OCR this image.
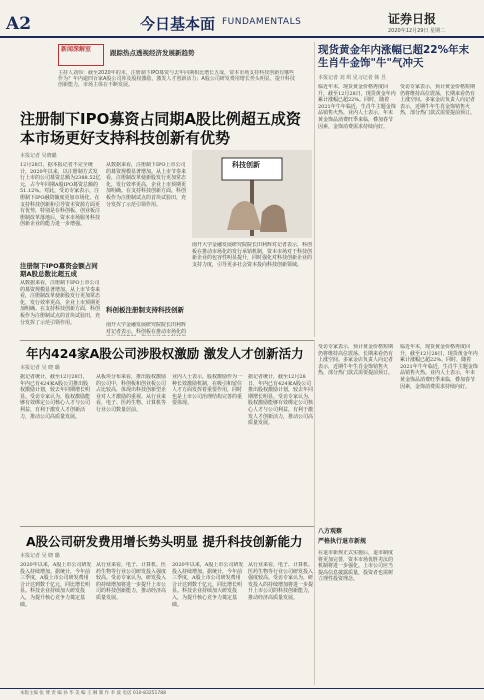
A2	今日基本面 FUNDAMENTALS	证券日报
2020年12月29日 星期二
新闻深解室	跟踪热点透视经济发展新趋势
主持人刘伟：截至2020年的末，注册制下IPO募资与去年同期相比增长五成，资本市场支持科技创新有哪些作为？年内逾四百家A股公司涉及股权激励，激发人才创新活力；A股公司研发费用增长势头明显，提升科技创新能力，市场主体在不断发展。
注册制下IPO募资占同期A股比例超五成资本市场更好支持科技创新有优势
本报记者 吴晓璐
12月28日，据本报记者不完全统计，2020年以来，以注册制方式发行上市的公司募资总额为2388.52亿元，占今年同期A股IPO募资总额的51.12%。对此，受访专家表示，注册制下IPO融资额度更加市场化，在支持科技创新和引导资本资源方面更有优势，特别是在科创板、创业板注册制改革落地后，资本市场服务科技创新企业的能力进一步增强。
注册制下IPO募资金额占同期A股总数比超五成
从数据来看，注册制下IPO上市公司的募资规模显著增加。从上市节奏来看，注册制改革使新股发行更加常态化，发行效率更高，企业上市预期更加明确。在支持科技创新方面，科创板作为注册制试点的首块试验田，充分发挥了示范引领作用。
从数据来看，注册制下IPO上市公司的募资规模显著增加。从上市节奏来看，注册制改革使新股发行更加常态化，发行效率更高，企业上市预期更加明确。在支持科技创新方面，科创板作为注册制试点的首块试验田，充分发挥了示范引领作用。
科创板注册制支持科技创新
南开大学金融发展研究院院长田利辉对记者表示，科创板在推动市场化的
科技创新
南开大学金融发展研究院院长田利辉对记者表示，科创板在推动市场化的发行承销机制，资本市场对于科技创新企业的包容性明显提升，同时强化对科技创新企业的支持力度，引导更多社会资本投向科技创新领域。
现货黄金年内涨幅已超22%年末生肖牛金饰"牛"气冲天
本报记者 刘 琪 见习记者 韩 昱
临近年末，现货黄金价格再度回升，截至12月28日，现货黄金年内累计涨幅已超22%。同时，随着2021年牛年临近，生肖牛主题金饰品销售火热。业内人士表示，年末黄金饰品消费旺季来临，叠加春节因素，金饰消费需求持续向好。
受访专家表示，预计黄金价格短期仍将维持高位震荡，长期来看仍有上涨空间。多家金店负责人向记者表示，近期牛年生肖金饰销售火热，部分热门款式需要提前预订。
年内424家A股公司涉股权激励 激发人才创新活力
本报记者 吴 晓 璐
据记者统计，截至12月28日，年内已有424家A股公司推出股权激励计划，较去年同期增长明显。受访专家认为，股权激励能够有效绑定公司核心人才与公司利益，有利于激发人才创新活力，推动公司高质量发展。
从板块分布来看，推出股权激励的公司中，科创板和创业板公司占比较高，体现出科技创新型企业对人才激励的重视。从行业来看，电子、医药生物、计算机等行业公司数量居前。
业内人士表示，股权激励作为一种长效激励机制，在吸引和留住人才方面发挥着重要作用，同时也是上市公司治理结构完善的重要体现。
据记者统计，截至12月28日，年内已有424家A股公司推出股权激励计划，较去年同期增长明显。受访专家认为，股权激励能够有效绑定公司核心人才与公司利益，有利于激发人才创新活力，推动公司高质量发展。
受访专家表示，预计黄金价格短期仍将维持高位震荡，长期来看仍有上涨空间。多家金店负责人向记者表示，近期牛年生肖金饰销售火热，部分热门款式需要提前预订。
临近年末，现货黄金价格再度回升，截至12月28日，现货黄金年内累计涨幅已超22%。同时，随着2021年牛年临近，生肖牛主题金饰品销售火热。业内人士表示，年末黄金饰品消费旺季来临，叠加春节因素，金饰消费需求持续向好。
八方观察
严格执行退市新规
在退市新规正式实施后，退市制度将更加完善，资本市场优胜劣汰的机制将进一步强化。上市公司应当提高信息披露质量，投资者也需树立理性投资理念。
A股公司研发费用增长势头明显 提升科技创新能力
本报记者 吴 晓 璐
2020年以来，A股上市公司研发投入持续增加。据统计，今年前三季度，A股上市公司研发费用合计达到数千亿元，同比增长明显。科技企业持续加大研发投入，为提升核心竞争力奠定基础。
从行业来看，电子、计算机、医药生物等行业公司研发投入强度较高。受访专家认为，研发投入的持续增加将进一步提升上市公司的科技创新能力，推动经济高质量发展。
2020年以来，A股上市公司研发投入持续增加。据统计，今年前三季度，A股上市公司研发费用合计达到数千亿元，同比增长明显。科技企业持续加大研发投入，为提升核心竞争力奠定基础。
从行业来看，电子、计算机、医药生物等行业公司研发投入强度较高。受访专家认为，研发投入的持续增加将进一步提升上市公司的科技创新能力，推动经济高质量发展。
本版主编 张 博 责 编 孙 华 美 编 王 琳 制 作 李 波 电话 010-83251788
